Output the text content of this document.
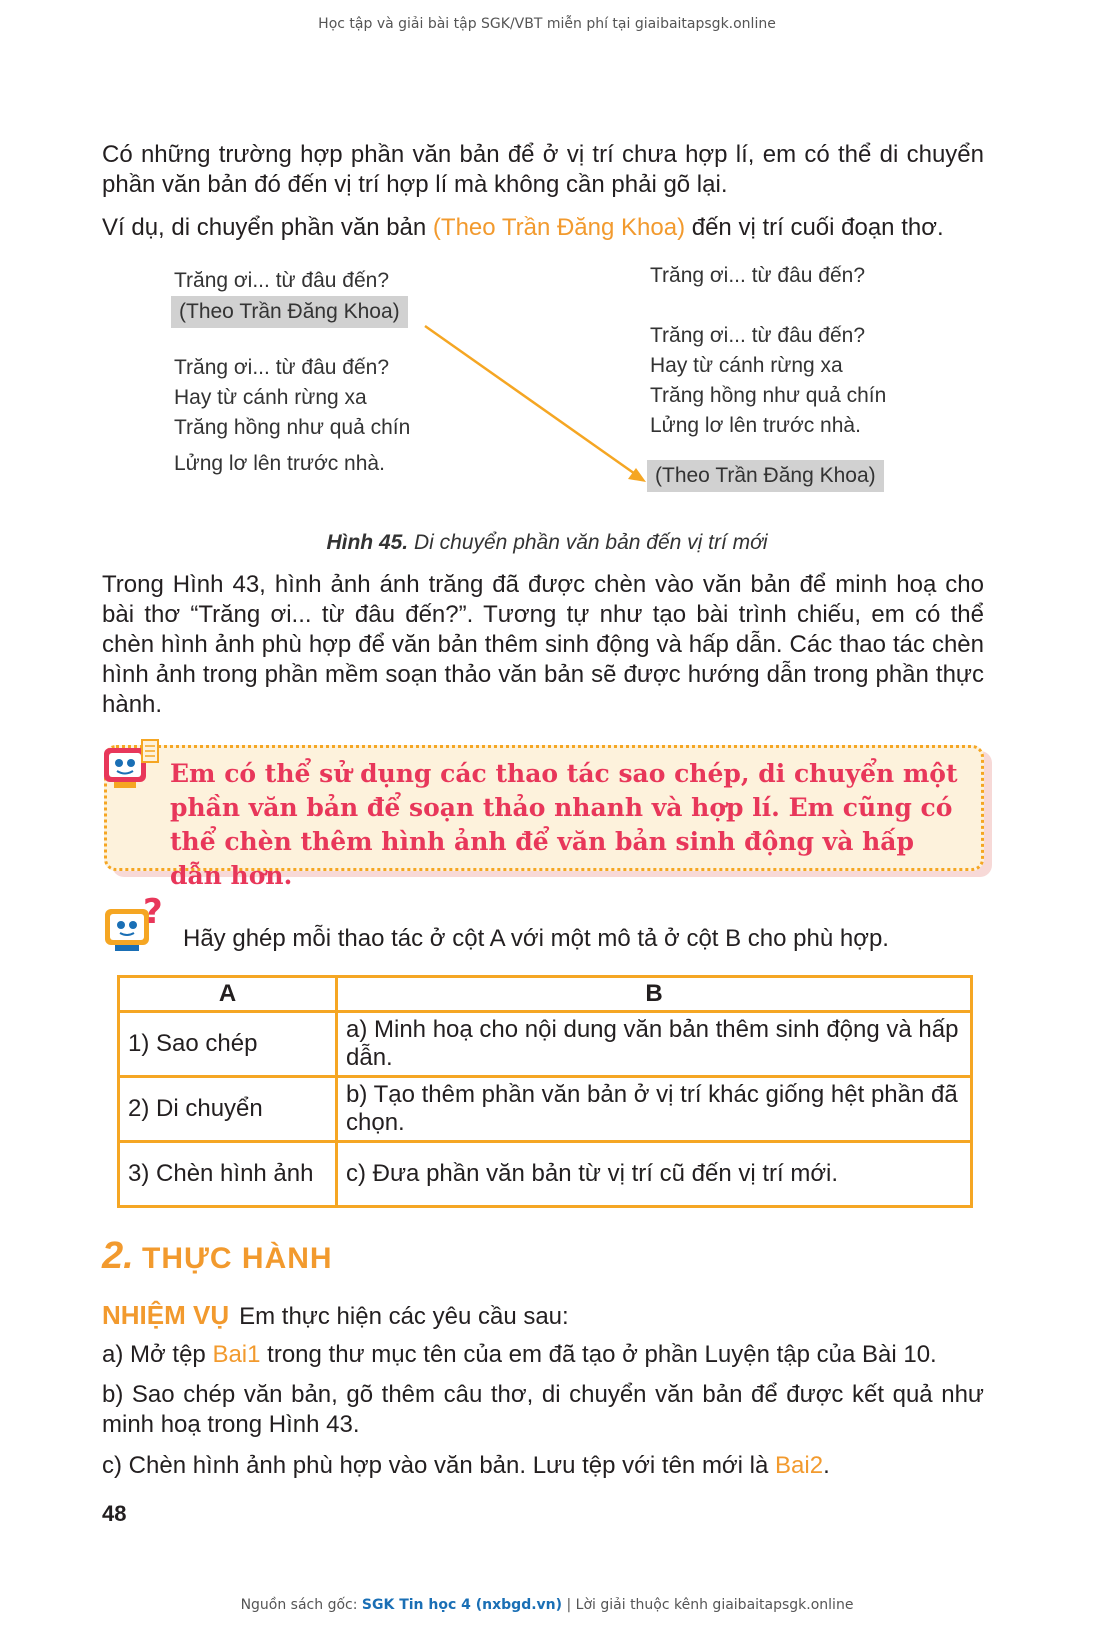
Học tập và giải bài tập SGK/VBT miễn phí tại giaibaitapsgk.online

Có những trường hợp phần văn bản để ở vị trí chưa hợp lí, em có thể di chuyển phần văn bản đó đến vị trí hợp lí mà không cần phải gõ lại.

Ví dụ, di chuyển phần văn bản (Theo Trần Đăng Khoa) đến vị trí cuối đoạn thơ.

Trăng ơi... từ đâu đến?
(Theo Trần Đăng Khoa)
Trăng ơi... từ đâu đến?
Hay từ cánh rừng xa
Trăng hồng như quả chín
Lửng lơ lên trước nhà.
Trăng ơi... từ đâu đến?
Trăng ơi... từ đâu đến?
Hay từ cánh rừng xa
Trăng hồng như quả chín
Lửng lơ lên trước nhà.
(Theo Trần Đăng Khoa)
Hình 45. Di chuyển phần văn bản đến vị trí mới

Trong Hình 43, hình ảnh ánh trăng đã được chèn vào văn bản để minh hoạ cho bài thơ “Trăng ơi... từ đâu đến?”. Tương tự như tạo bài trình chiếu, em có thể chèn hình ảnh phù hợp để văn bản thêm sinh động và hấp dẫn. Các thao tác chèn hình ảnh trong phần mềm soạn thảo văn bản sẽ được hướng dẫn trong phần thực hành.

Em có thể sử dụng các thao tác sao chép, di chuyển một phần văn bản để soạn thảo nhanh và hợp lí. Em cũng có thể chèn thêm hình ảnh để văn bản sinh động và hấp dẫn hơn.

?
Hãy ghép mỗi thao tác ở cột A với một mô tả ở cột B cho phù hợp.
A	B
1) Sao chép	a) Minh hoạ cho nội dung văn bản thêm sinh động và hấp dẫn.
2) Di chuyển	b) Tạo thêm phần văn bản ở vị trí khác giống hệt phần đã chọn.
3) Chèn hình ảnh	c) Đưa phần văn bản từ vị trí cũ đến vị trí mới.
2. THỰC HÀNH

NHIỆM VỤ Em thực hiện các yêu cầu sau:

a) Mở tệp Bai1 trong thư mục tên của em đã tạo ở phần Luyện tập của Bài 10.

b) Sao chép văn bản, gõ thêm câu thơ, di chuyển văn bản để được kết quả như minh hoạ trong Hình 43.

c) Chèn hình ảnh phù hợp vào văn bản. Lưu tệp với tên mới là Bai2.

48
Nguồn sách gốc: SGK Tin học 4 (nxbgd.vn) | Lời giải thuộc kênh giaibaitapsgk.online
